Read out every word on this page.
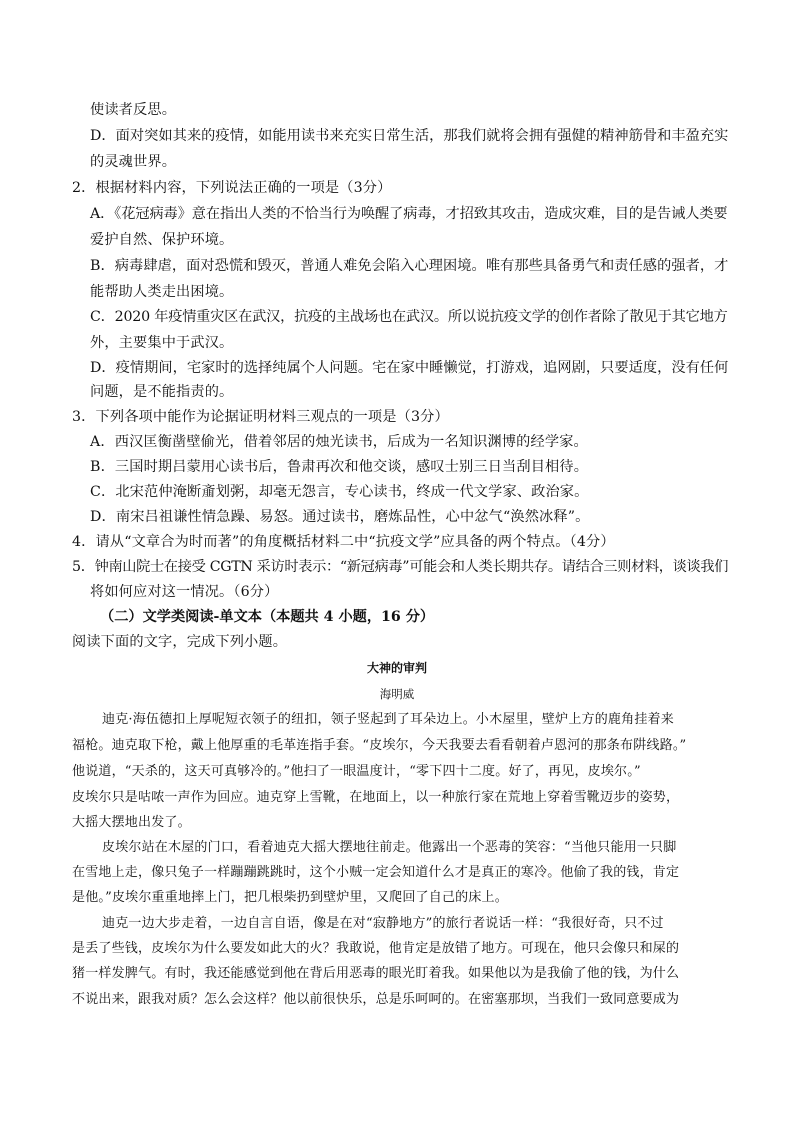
使读者反思。
D．面对突如其来的疫情，如能用读书来充实日常生活，那我们就将会拥有强健的精神筋骨和丰盈充实
的灵魂世界。
2．根据材料内容，下列说法正确的一项是（3分）
A．《花冠病毒》意在指出人类的不恰当行为唤醒了病毒，才招致其攻击，造成灾难，目的是告诫人类要
爱护自然、保护环境。
B．病毒肆虐，面对恐慌和毁灭，普通人难免会陷入心理困境。唯有那些具备勇气和责任感的强者，才
能帮助人类走出困境。
C．2020 年疫情重灾区在武汉，抗疫的主战场也在武汉。所以说抗疫文学的创作者除了散见于其它地方
外，主要集中于武汉。
D．疫情期间，宅家时的选择纯属个人问题。宅在家中睡懒觉，打游戏，追网剧，只要适度，没有任何
问题，是不能指责的。
3．下列各项中能作为论据证明材料三观点的一项是（3分）
A．西汉匡衡凿壁偷光，借着邻居的烛光读书，后成为一名知识渊博的经学家。
B．三国时期吕蒙用心读书后，鲁肃再次和他交谈，感叹士别三日当刮目相待。
C．北宋范仲淹断齑划粥，却毫无怨言，专心读书，终成一代文学家、政治家。
D．南宋吕祖谦性情急躁、易怒。通过读书，磨炼品性，心中忿气“涣然冰释”。
4．请从“文章合为时而著”的角度概括材料二中“抗疫文学”应具备的两个特点。（4分）
5．钟南山院士在接受 CGTN 采访时表示：“新冠病毒”可能会和人类长期共存。请结合三则材料，谈谈我们
将如何应对这一情况。（6分）
（二）文学类阅读-单文本（本题共 4 小题，16 分）
阅读下面的文字，完成下列小题。
大神的审判
海明威
迪克·海伍德扣上厚呢短衣领子的纽扣，领子竖起到了耳朵边上。小木屋里，壁炉上方的鹿角挂着来
福枪。迪克取下枪，戴上他厚重的毛革连指手套。“皮埃尔，今天我要去看看朝着卢恩河的那条布阱线路。”
他说道，“天杀的，这天可真够冷的。”他扫了一眼温度计，“零下四十二度。好了，再见，皮埃尔。”
皮埃尔只是咕哝一声作为回应。迪克穿上雪靴，在地面上，以一种旅行家在荒地上穿着雪靴迈步的姿势，
大摇大摆地出发了。
皮埃尔站在木屋的门口，看着迪克大摇大摆地往前走。他露出一个恶毒的笑容：“当他只能用一只脚
在雪地上走，像只兔子一样蹦蹦跳跳时，这个小贼一定会知道什么才是真正的寒冷。他偷了我的钱，肯定
是他。”皮埃尔重重地摔上门，把几根柴扔到壁炉里，又爬回了自己的床上。
迪克一边大步走着，一边自言自语，像是在对“寂静地方”的旅行者说话一样：“我很好奇，只不过
是丢了些钱，皮埃尔为什么要发如此大的火？我敢说，他肯定是放错了地方。可现在，他只会像只和屎的
猪一样发脾气。有时，我还能感觉到他在背后用恶毒的眼光盯着我。如果他以为是我偷了他的钱，为什么
不说出来，跟我对质？怎么会这样？他以前很快乐，总是乐呵呵的。在密塞那坝，当我们一致同意要成为
